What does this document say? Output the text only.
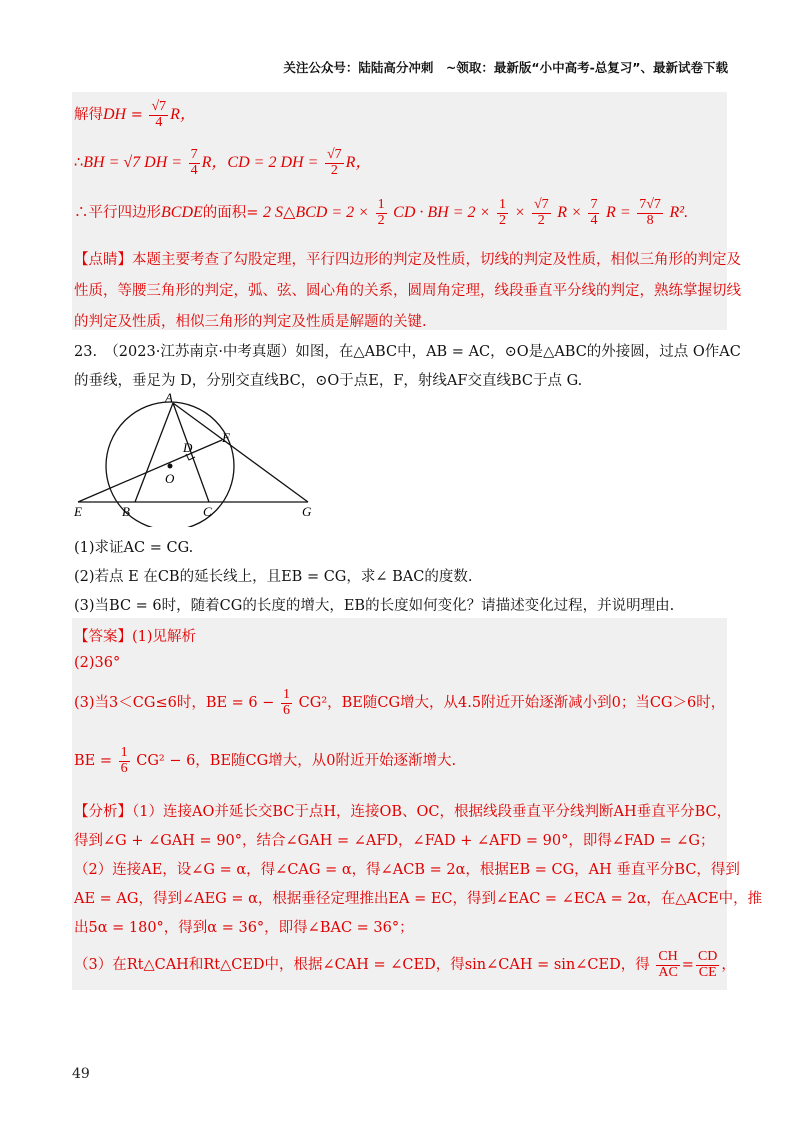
关注公众号：陆陆高分冲刺　~领取：最新版“小中高考-总复习”、最新试卷下载
解得DH = $\frac{√7}{4}$ R，
∴BH = √7 DH = $\frac{7}{4}$ R，CD = 2 DH = $\frac{√7}{2}$ R，
∴平行四边形BCDE的面积= 2 S△BCD = $2 \times \frac{1}{2}$ CD · BH = $2 \times \frac{1}{2} \times \frac{√7}{2}$ $R \times \frac{7}{4}$ $R = \frac{7√7}{8} R^2$.
【点睛】本题主要考查了勾股定理，平行四边形的判定及性质，切线的判定及性质，相似三角形的判定及
性质，等腰三角形的判定，弧、弦、圆心角的关系，圆周角定理，线段垂直平分线的判定，熟练掌握切线
的判定及性质，相似三角形的判定及性质是解题的关键.
23.　（2023·江苏南京·中考真题）如图，在△ABC中，AB = AC，⊙O是△ABC的外接圆，过点 O作AC
的垂线，垂足为 D，分别交直线BC，⊙O于点E，F，射线AF交直线BC于点 G.
A
B	C
D
E
F
G
O
(1)求证AC = CG.
(2)若点 E 在CB的延长线上，且EB = CG，求∠ BAC的度数.
(3)当BC = 6时，随着CG的长度的增大，EB的长度如何变化？请描述变化过程，并说明理由.
【答案】(1)见解析
(2)36°
(3)当3＜CG≤6时，BE = $6 - \frac{1}{6} CG^2$，BE随CG增大，从4.5附近开始逐渐减小到0；当CG＞6时，
BE = $\frac{1}{6} CG^2 - 6$，BE随CG增大，从0附近开始逐渐增大.
【分析】（1）连接AO并延长交BC于点H，连接OB、OC，根据线段垂直平分线判断AH垂直平分BC，
得到∠G + ∠GAH = 90°，结合∠GAH = ∠AFD，∠FAD + ∠AFD = 90°，即得∠FAD = ∠G；
（2）连接AE，设∠G = α，得∠CAG = α，得∠ACB = 2α，根据EB = CG，AH 垂直平分BC，得到
AE = AG，得到∠AEG = α，根据垂径定理推出EA = EC，得到∠EAC = ∠ECA = 2α，在△ACE中，推
出5α = 180°，得到α = 36°，即得∠BAC = 36°；
（3）在Rt△CAH和Rt△CED中，根据∠CAH = ∠CED，得sin∠CAH = sin∠CED，得 $\frac{CH}{AC} = \frac{CD}{CE}$ ，
49
